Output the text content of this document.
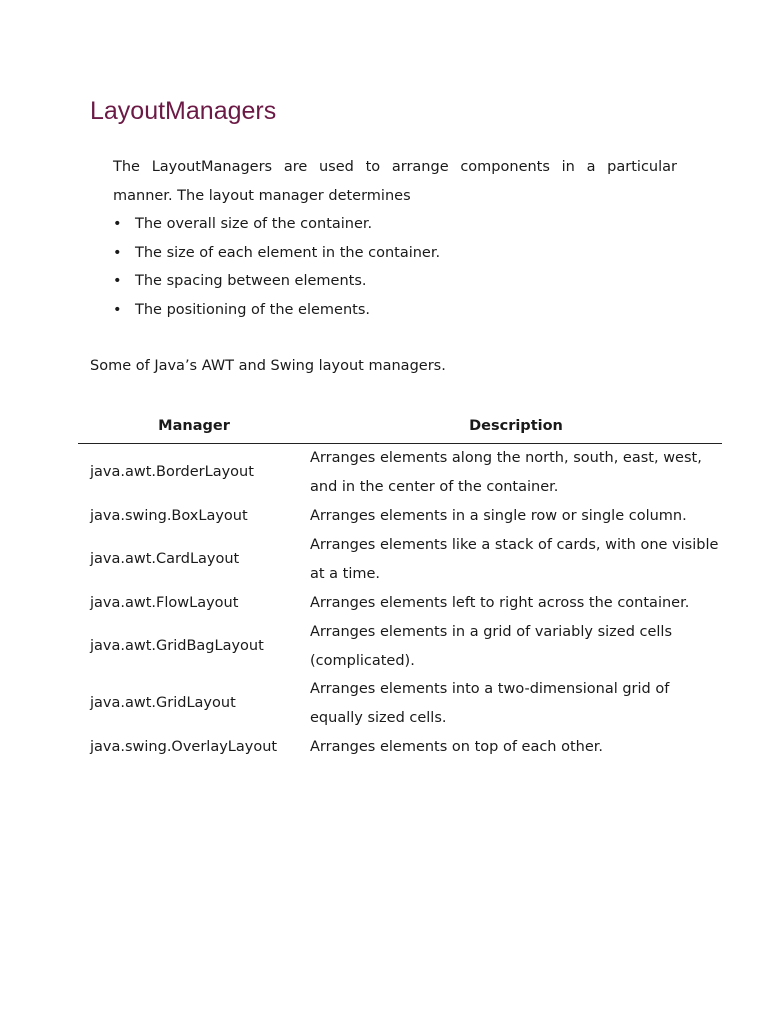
LayoutManagers

The LayoutManagers are used to arrange components in a particular manner. The layout manager determines

• The overall size of the container.
• The size of each element in the container.
• The spacing between elements.
• The positioning of the elements.

Some of Java’s AWT and Swing layout managers.

Manager	Description
java.awt.BorderLayout	Arranges elements along the north, south, east, west, and in the center of the container.
java.swing.BoxLayout	Arranges elements in a single row or single column.
java.awt.CardLayout	Arranges elements like a stack of cards, with one visible at a time.
java.awt.FlowLayout	Arranges elements left to right across the container.
java.awt.GridBagLayout	Arranges elements in a grid of variably sized cells (complicated).
java.awt.GridLayout	Arranges elements into a two-dimensional grid of equally sized cells.
java.swing.OverlayLayout	Arranges elements on top of each other.
